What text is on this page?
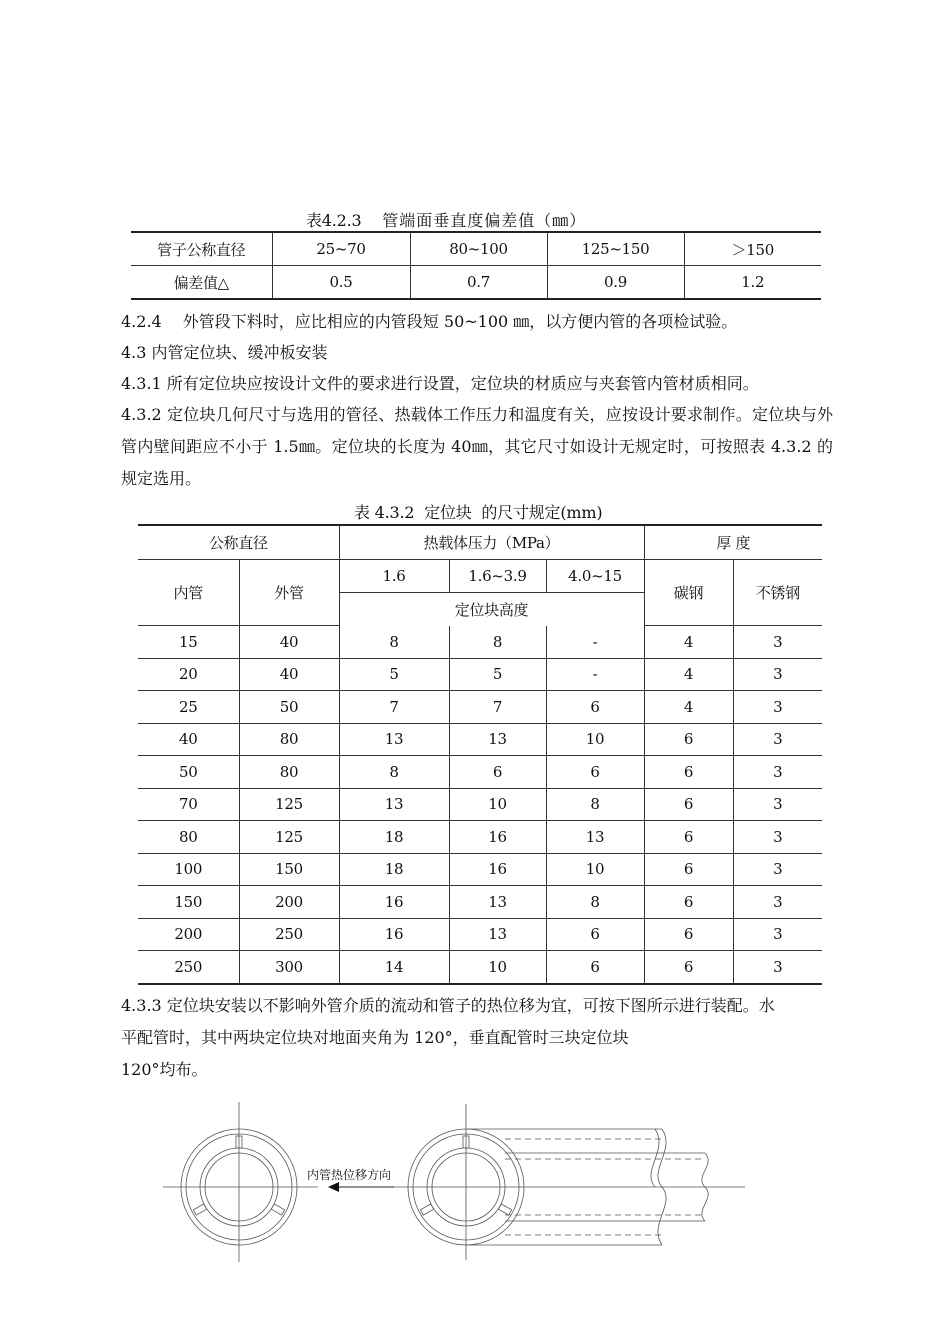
表4.2.3　 管端面垂直度偏差值（㎜）
管子公称直径	25~70	80~100	125~150	＞150
偏差值△	0.5	0.7	0.9	1.2
4.2.4　 外管段下料时，应比相应的内管段短 50~100 ㎜，以方便内管的各项检试验。
4.3 内管定位块、缓冲板安装
4.3.1 所有定位块应按设计文件的要求进行设置，定位块的材质应与夹套管内管材质相同。
4.3.2 定位块几何尺寸与选用的管径、热载体工作压力和温度有关，应按设计要求制作。定位块与外管内壁间距应不小于 1.5㎜。定位块的长度为 40㎜，其它尺寸如设计无规定时，可按照表 4.3.2 的规定选用。
表 4.3.2  定位块  的尺寸规定(mm)
公称直径		热载体压力（MPa）			厚 度	
内管	外管	1.6	1.6~3.9	4.0~15	碳钢	不锈钢
		定位块高度				
15	40	8	8	-	4	3
20	40	5	5	-	4	3
25	50	7	7	6	4	3
40	80	13	13	10	6	3
50	80	8	6	6	6	3
70	125	13	10	8	6	3
80	125	18	16	13	6	3
100	150	18	16	10	6	3
150	200	16	13	8	6	3
200	250	16	13	6	6	3
250	300	14	10	6	6	3
4.3.3 定位块安装以不影响外管介质的流动和管子的热位移为宜，可按下图所示进行装配。水
平配管时，其中两块定位块对地面夹角为 120°，垂直配管时三块定位块
120°均布。
内管热位移方向
